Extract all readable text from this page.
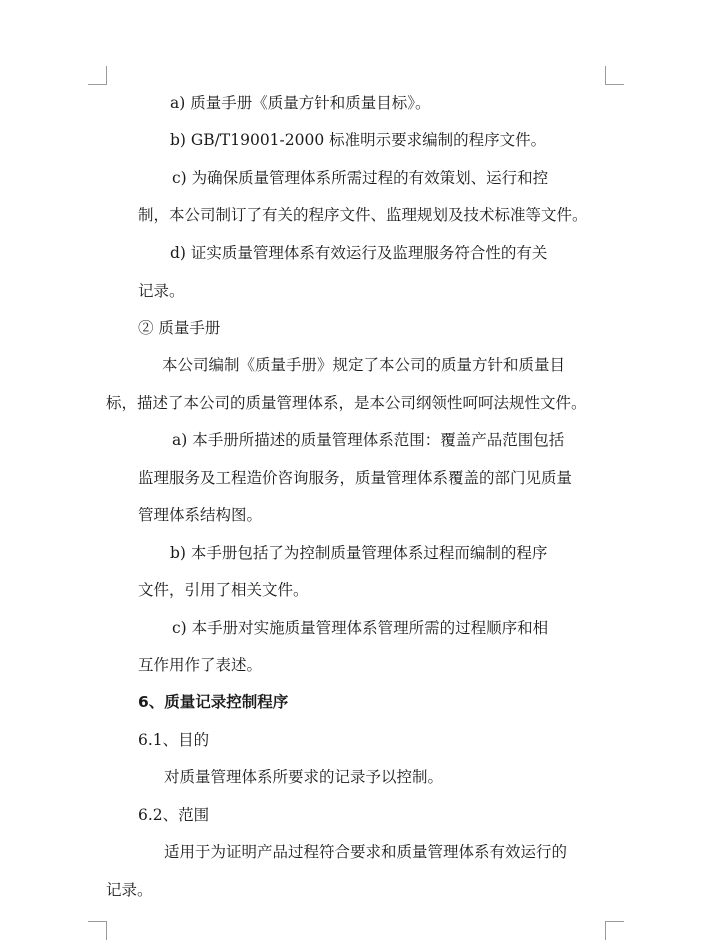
a) 质量手册《质量方针和质量目标》。
b) GB/T19001-2000 标准明示要求编制的程序文件。
c) 为确保质量管理体系所需过程的有效策划、运行和控
制，本公司制订了有关的程序文件、监理规划及技术标准等文件。
d) 证实质量管理体系有效运行及监理服务符合性的有关
记录。
② 质量手册
本公司编制《质量手册》规定了本公司的质量方针和质量目
标，描述了本公司的质量管理体系，是本公司纲领性呵呵法规性文件。
a) 本手册所描述的质量管理体系范围：覆盖产品范围包括
监理服务及工程造价咨询服务，质量管理体系覆盖的部门见质量
管理体系结构图。
b) 本手册包括了为控制质量管理体系过程而编制的程序
文件，引用了相关文件。
c) 本手册对实施质量管理体系管理所需的过程顺序和相
互作用作了表述。
6、质量记录控制程序
6.1、目的
对质量管理体系所要求的记录予以控制。
6.2、范围
适用于为证明产品过程符合要求和质量管理体系有效运行的
记录。
